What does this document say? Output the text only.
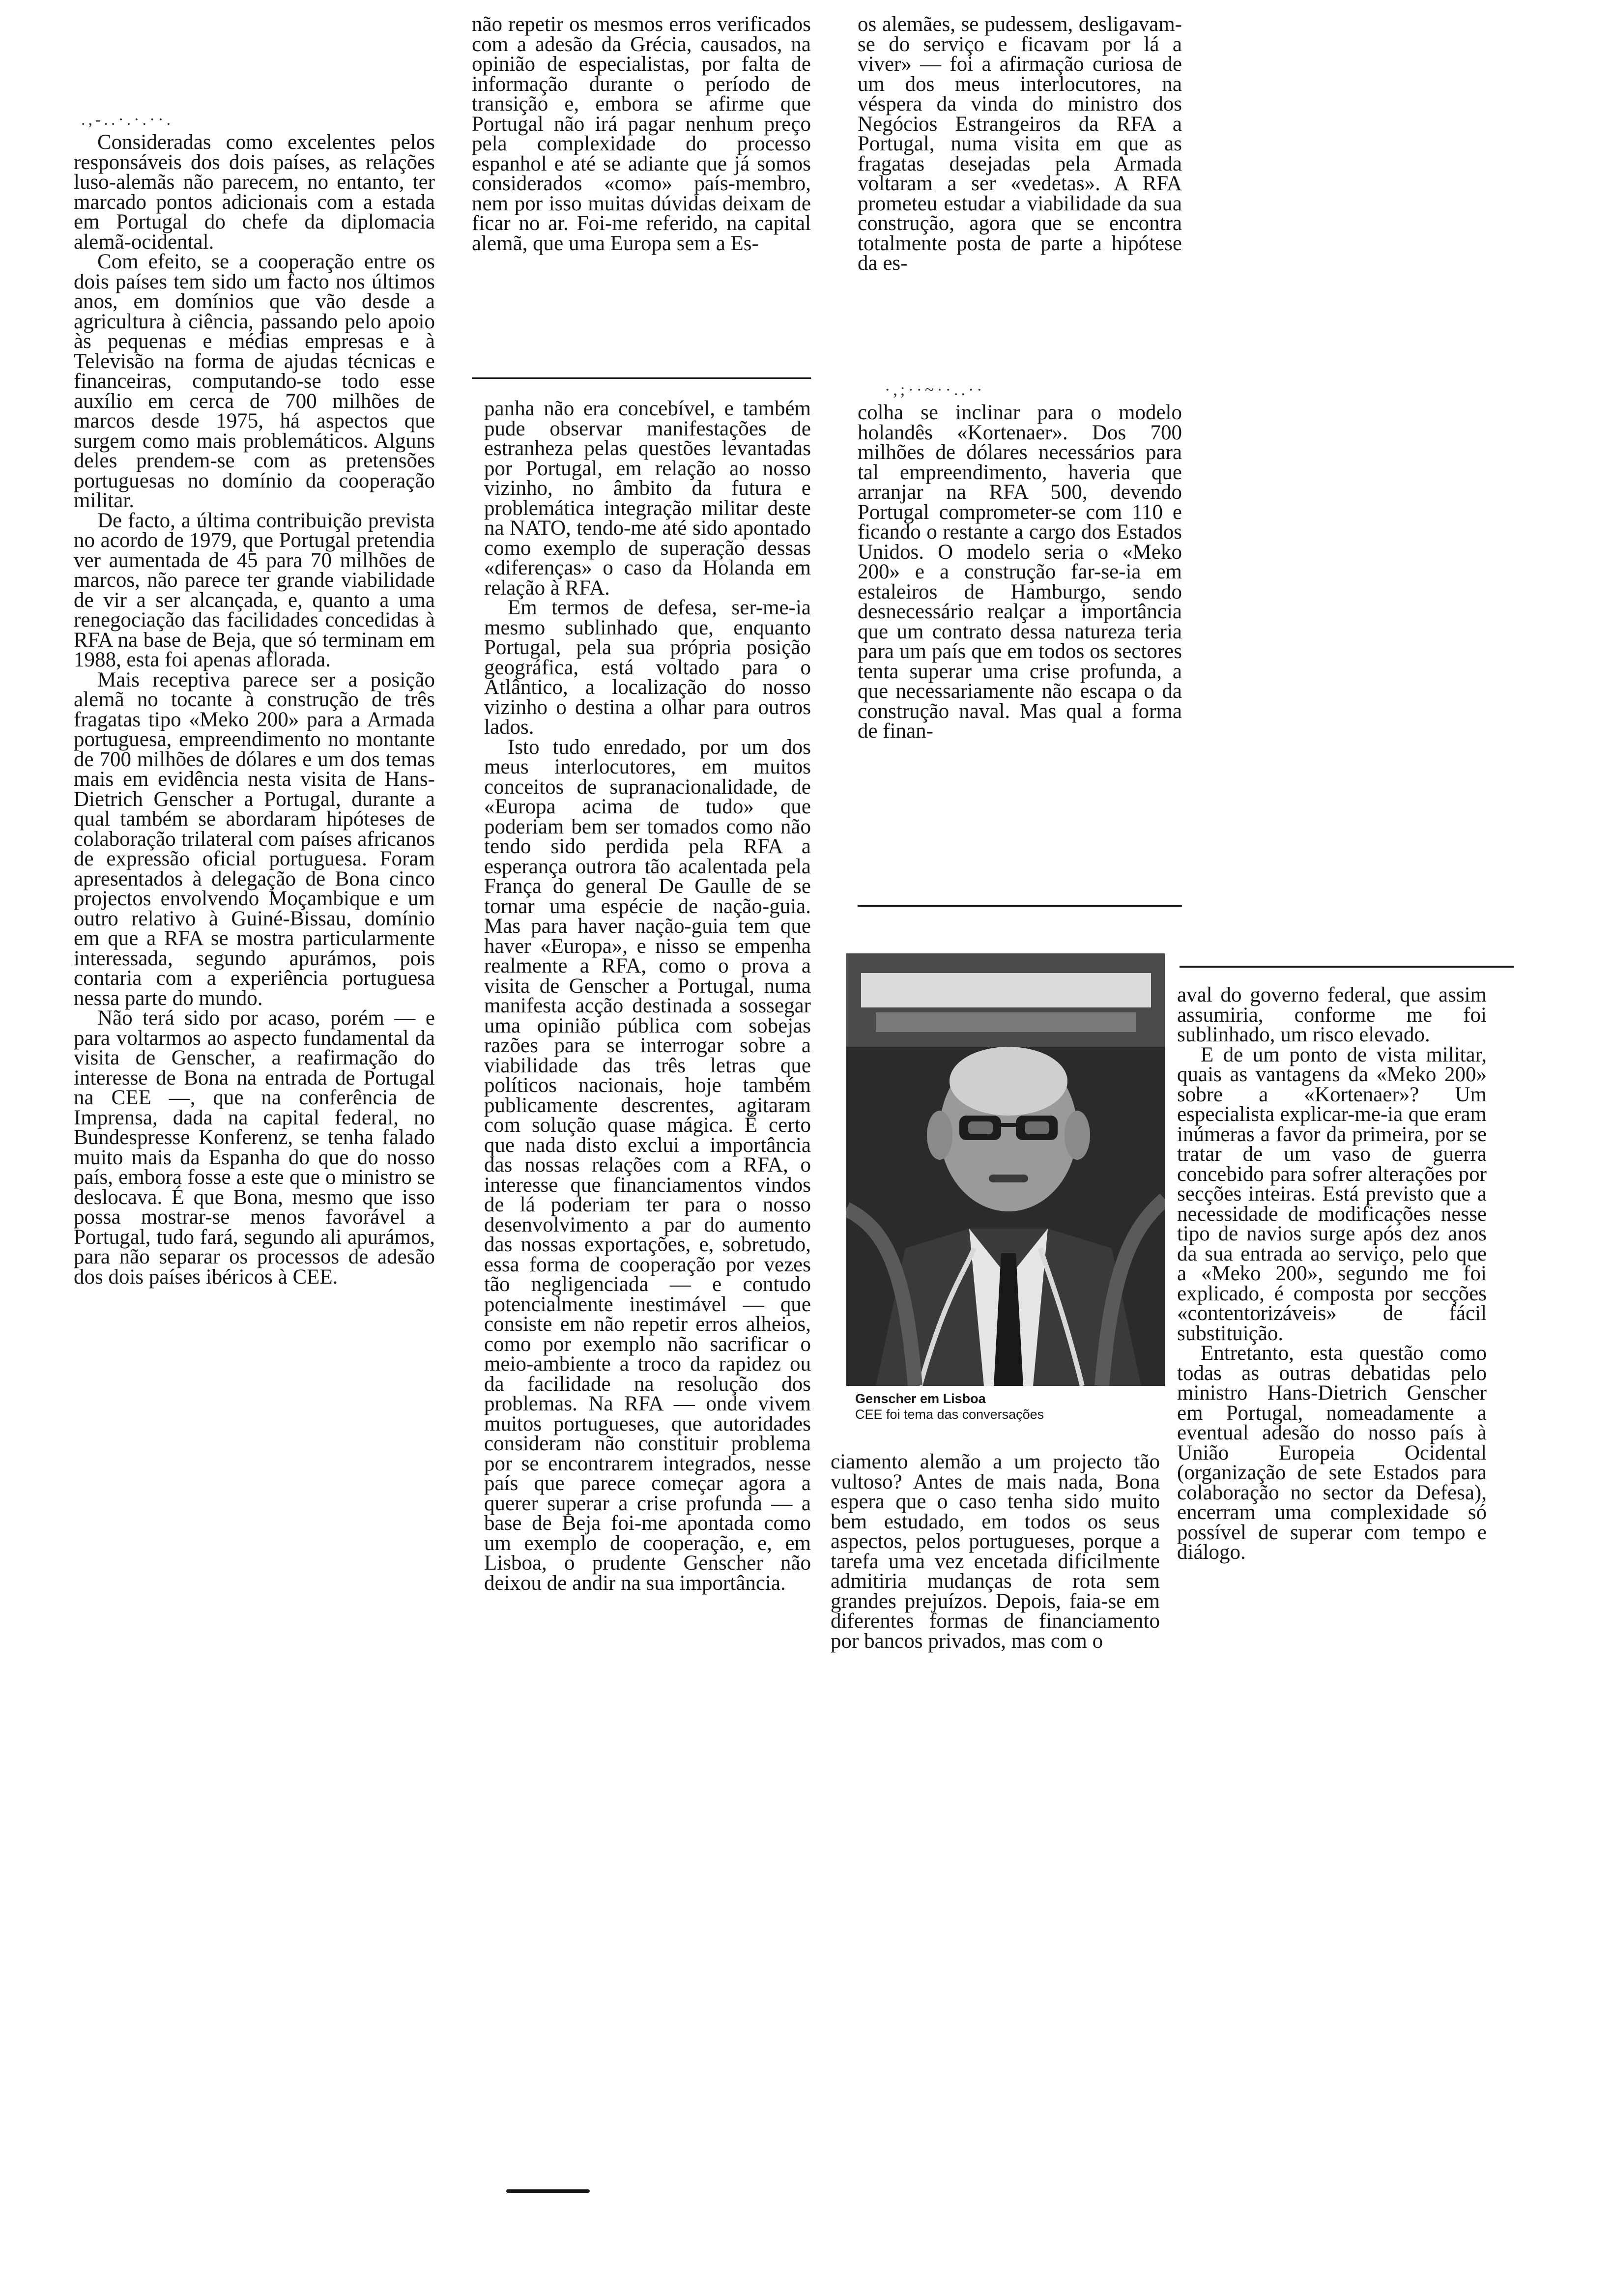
.,-..·.·.··.
·,;··~··..··

Consideradas como excelentes pelos responsáveis dos dois países, as relações luso-alemãs não parecem, no entanto, ter marcado pontos adicionais com a estada em Portugal do chefe da diplomacia alemã-ocidental.

Com efeito, se a cooperação entre os dois países tem sido um facto nos últimos anos, em domínios que vão desde a agricultura à ciência, passando pelo apoio às pequenas e médias empresas e à Televisão na forma de ajudas técnicas e financeiras, computando-se todo esse auxílio em cerca de 700 milhões de marcos desde 1975, há aspectos que surgem como mais problemáticos. Alguns deles prendem-se com as pretensões portuguesas no domínio da cooperação militar.

De facto, a última contribuição prevista no acordo de 1979, que Portugal pretendia ver aumentada de 45 para 70 milhões de marcos, não parece ter grande viabilidade de vir a ser alcançada, e, quanto a uma renegociação das facilidades concedidas à RFA na base de Beja, que só terminam em 1988, esta foi apenas aflorada.

Mais receptiva parece ser a posição alemã no tocante à construção de três fragatas tipo «Meko 200» para a Armada portuguesa, empreendimento no montante de 700 milhões de dólares e um dos temas mais em evidência nesta visita de Hans-Dietrich Genscher a Portugal, durante a qual também se abordaram hipóteses de colaboração trilateral com países africanos de expressão oficial portuguesa. Foram apresentados à delegação de Bona cinco projectos envolvendo Moçambique e um outro relativo à Guiné-Bissau, domínio em que a RFA se mostra particularmente interessada, segundo apurámos, pois contaria com a experiência portuguesa nessa parte do mundo.

Não terá sido por acaso, porém — e para voltarmos ao aspecto fundamental da visita de Genscher, a reafirmação do interesse de Bona na entrada de Portugal na CEE —, que na conferência de Imprensa, dada na capital federal, no Bundespresse Konferenz, se tenha falado muito mais da Espanha do que do nosso país, embora fosse a este que o ministro se deslocava. É que Bona, mesmo que isso possa mostrar-se menos favorável a Portugal, tudo fará, segundo ali apurámos, para não separar os processos de adesão dos dois países ibéricos à CEE.

não repetir os mesmos erros verificados com a adesão da Grécia, causados, na opinião de especialistas, por falta de informação durante o período de transição e, embora se afirme que Portugal não irá pagar nenhum preço pela complexidade do processo espanhol e até se adiante que já somos considerados «como» país-membro, nem por isso muitas dúvidas deixam de ficar no ar. Foi-me referido, na capital alemã, que uma Europa sem a Es-

panha não era concebível, e também pude observar manifestações de estranheza pelas questões levantadas por Portugal, em relação ao nosso vizinho, no âmbito da futura e problemática integração militar deste na NATO, tendo-me até sido apontado como exemplo de superação dessas «diferenças» o caso da Holanda em relação à RFA.

Em termos de defesa, ser-me-ia mesmo sublinhado que, enquanto Portugal, pela sua própria posição geográfica, está voltado para o Atlântico, a localização do nosso vizinho o destina a olhar para outros lados.

Isto tudo enredado, por um dos meus interlocutores, em muitos conceitos de supranacionalidade, de «Europa acima de tudo» que poderiam bem ser tomados como não tendo sido perdida pela RFA a esperança outrora tão acalentada pela França do general De Gaulle de se tornar uma espécie de nação-guia. Mas para haver nação-guia tem que haver «Europa», e nisso se empenha realmente a RFA, como o prova a visita de Genscher a Portugal, numa manifesta acção destinada a sossegar uma opinião pública com sobejas razões para se interrogar sobre a viabilidade das três letras que políticos nacionais, hoje também publicamente descrentes, agitaram com solução quase mágica. É certo que nada disto exclui a importância das nossas relações com a RFA, o interesse que financiamentos vindos de lá poderiam ter para o nosso desenvolvimento a par do aumento das nossas exportações, e, sobretudo, essa forma de cooperação por vezes tão negligenciada — e contudo potencialmente inestimável — que consiste em não repetir erros alheios, como por exemplo não sacrificar o meio-ambiente a troco da rapidez ou da facilidade na resolução dos problemas. Na RFA — onde vivem muitos portugueses, que autoridades consideram não constituir problema por se encontrarem integrados, nesse país que parece começar agora a querer superar a crise profunda — a base de Beja foi-me apontada como um exemplo de cooperação, e, em Lisboa, o prudente Genscher não deixou de andir na sua importância.

os alemães, se pudessem, desligavam-se do serviço e ficavam por lá a viver» — foi a afirmação curiosa de um dos meus interlocutores, na véspera da vinda do ministro dos Negócios Estrangeiros da RFA a Portugal, numa visita em que as fragatas desejadas pela Armada voltaram a ser «vedetas». A RFA prometeu estudar a viabilidade da sua construção, agora que se encontra totalmente posta de parte a hipótese da es-

colha se inclinar para o modelo holandês «Kortenaer». Dos 700 milhões de dólares necessários para tal empreendimento, haveria que arranjar na RFA 500, devendo Portugal comprometer-se com 110 e ficando o restante a cargo dos Estados Unidos. O modelo seria o «Meko 200» e a construção far-se-ia em estaleiros de Hamburgo, sendo desnecessário realçar a importância que um contrato dessa natureza teria para um país que em todos os sectores tenta superar uma crise profunda, a que necessariamente não escapa o da construção naval. Mas qual a forma de finan-

Genscher em Lisboa
CEE foi tema das conversações

aval do governo federal, que assim assumiria, conforme me foi sublinhado, um risco elevado.

E de um ponto de vista militar, quais as vantagens da «Meko 200» sobre a «Kortenaer»? Um especialista explicar-me-ia que eram inúmeras a favor da primeira, por se tratar de um vaso de guerra concebido para sofrer alterações por secções inteiras. Está previsto que a necessidade de modificações nesse tipo de navios surge após dez anos da sua entrada ao serviço, pelo que a «Meko 200», segundo me foi explicado, é composta por secções «contentorizáveis» de fácil substituição.

Entretanto, esta questão como todas as outras debatidas pelo ministro Hans-Dietrich Genscher em Portugal, nomeadamente a eventual adesão do nosso país à União Europeia Ocidental (organização de sete Estados para colaboração no sector da Defesa), encerram uma complexidade só possível de superar com tempo e diálogo.

ciamento alemão a um projecto tão vultoso? Antes de mais nada, Bona espera que o caso tenha sido muito bem estudado, em todos os seus aspectos, pelos portugueses, porque a tarefa uma vez encetada dificilmente admitiria mudanças de rota sem grandes prejuízos. Depois, faia-se em diferentes formas de financiamento por bancos privados, mas com o
